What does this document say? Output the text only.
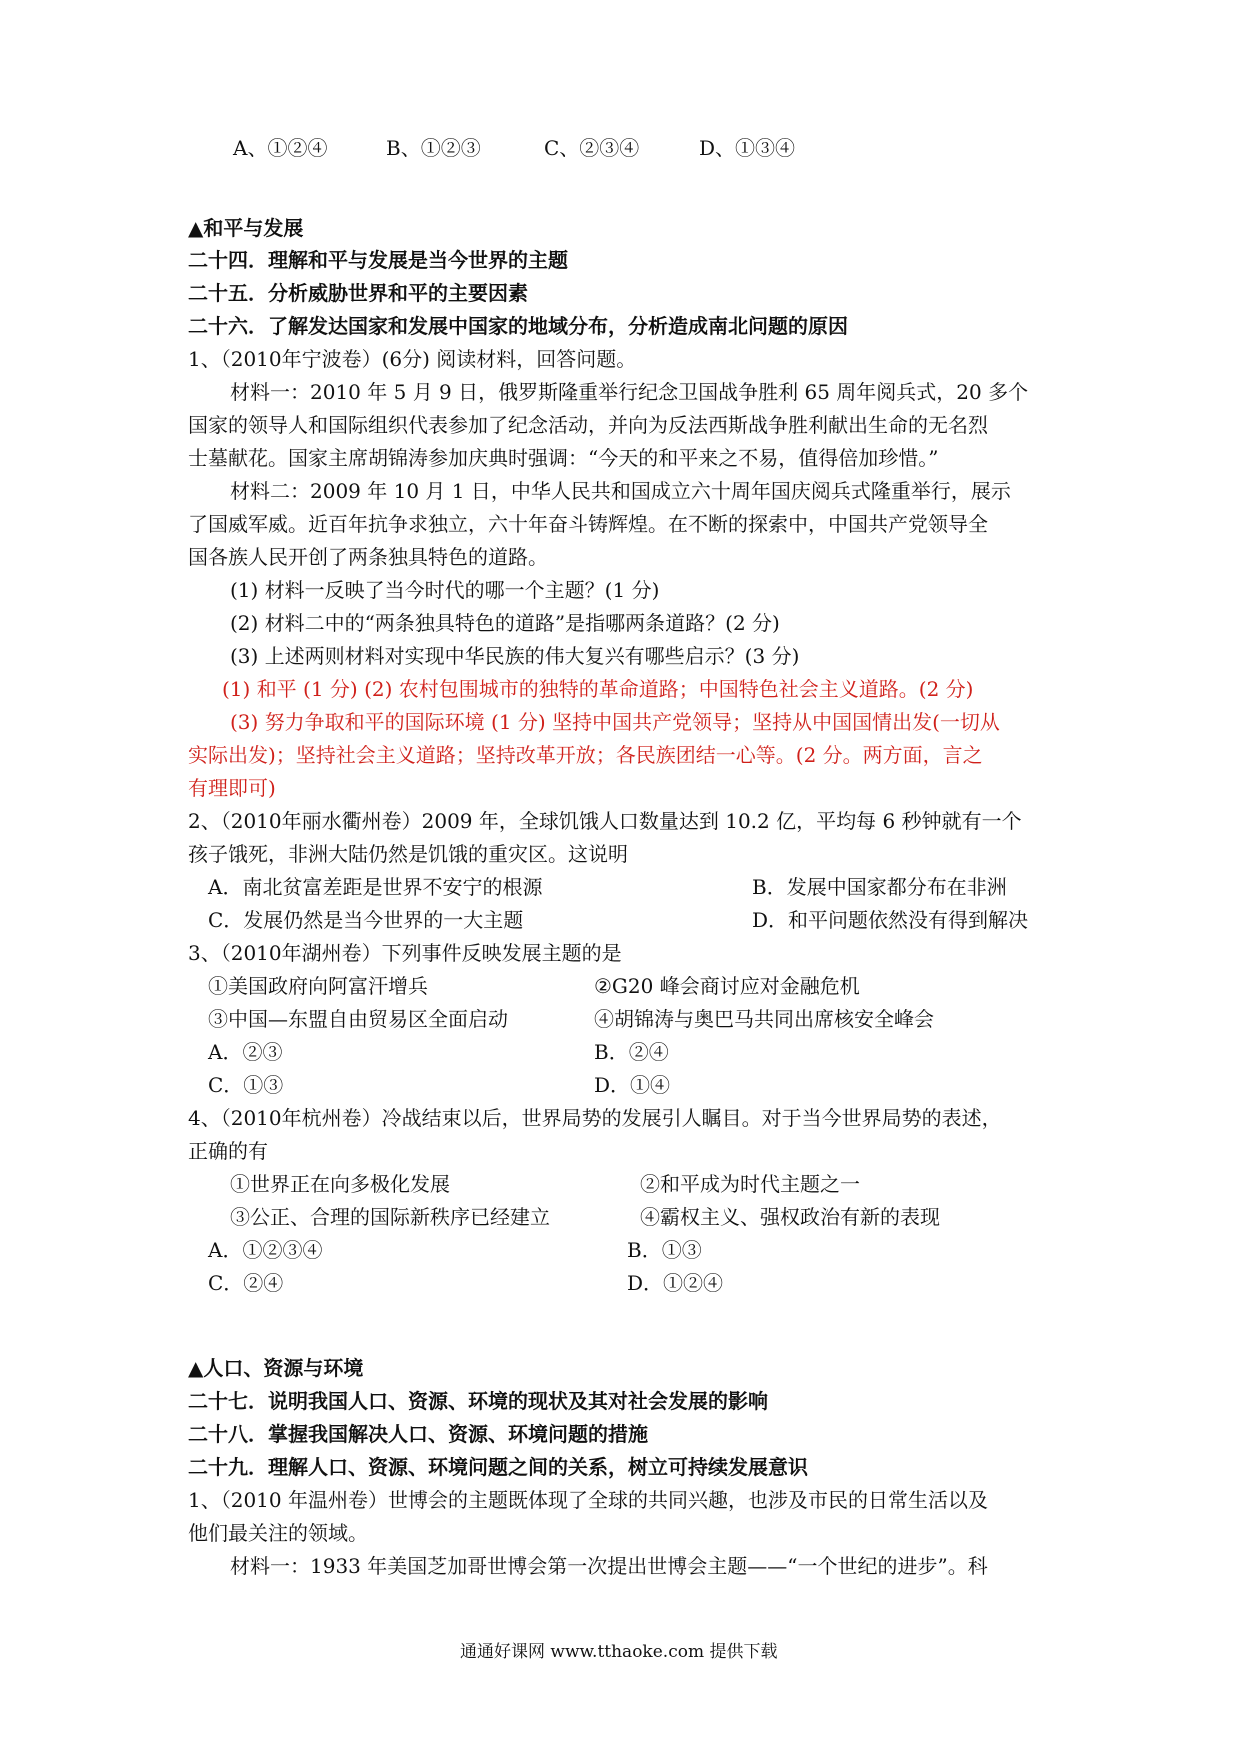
A、①②④	B、①②③	C、②③④	D、①③④
▲和平与发展
二十四．理解和平与发展是当今世界的主题
二十五．分析威胁世界和平的主要因素
二十六．了解发达国家和发展中国家的地域分布，分析造成南北问题的原因
1、（2010年宁波卷）(6分) 阅读材料，回答问题。
材料一：2010 年 5 月 9 日，俄罗斯隆重举行纪念卫国战争胜利 65 周年阅兵式，20 多个
国家的领导人和国际组织代表参加了纪念活动，并向为反法西斯战争胜利献出生命的无名烈
士墓献花。国家主席胡锦涛参加庆典时强调：“今天的和平来之不易，值得倍加珍惜。”
材料二：2009 年 10 月 1 日，中华人民共和国成立六十周年国庆阅兵式隆重举行，展示
了国威军威。近百年抗争求独立，六十年奋斗铸辉煌。在不断的探索中，中国共产党领导全
国各族人民开创了两条独具特色的道路。
(1) 材料一反映了当今时代的哪一个主题？(1 分)
(2) 材料二中的“两条独具特色的道路”是指哪两条道路？(2 分)
(3) 上述两则材料对实现中华民族的伟大复兴有哪些启示？(3 分)
(1) 和平 (1 分) (2) 农村包围城市的独特的革命道路；中国特色社会主义道路。(2 分)
(3) 努力争取和平的国际环境 (1 分) 坚持中国共产党领导；坚持从中国国情出发(一切从
实际出发)；坚持社会主义道路；坚持改革开放；各民族团结一心等。(2 分。两方面，言之
有理即可)
2、（2010年丽水衢州卷）2009 年，全球饥饿人口数量达到 10.2 亿，平均每 6 秒钟就有一个
孩子饿死，非洲大陆仍然是饥饿的重灾区。这说明
A．南北贫富差距是世界不安宁的根源	B．发展中国家都分布在非洲
C．发展仍然是当今世界的一大主题	D．和平问题依然没有得到解决
3、（2010年湖州卷）下列事件反映发展主题的是
①美国政府向阿富汗增兵	②G20 峰会商讨应对金融危机
③中国—东盟自由贸易区全面启动	④胡锦涛与奥巴马共同出席核安全峰会
A．②③	B．②④
C．①③	D．①④
4、（2010年杭州卷）冷战结束以后，世界局势的发展引人瞩目。对于当今世界局势的表述，
正确的有
①世界正在向多极化发展	②和平成为时代主题之一
③公正、合理的国际新秩序已经建立	④霸权主义、强权政治有新的表现
A．①②③④	B．①③
C．②④	D．①②④
▲人口、资源与环境
二十七．说明我国人口、资源、环境的现状及其对社会发展的影响
二十八．掌握我国解决人口、资源、环境问题的措施
二十九．理解人口、资源、环境问题之间的关系，树立可持续发展意识
1、（2010 年温州卷）世博会的主题既体现了全球的共同兴趣，也涉及市民的日常生活以及
他们最关注的领域。
材料一：1933 年美国芝加哥世博会第一次提出世博会主题——“一个世纪的进步”。科
通通好课网 www.tthaoke.com 提供下载
